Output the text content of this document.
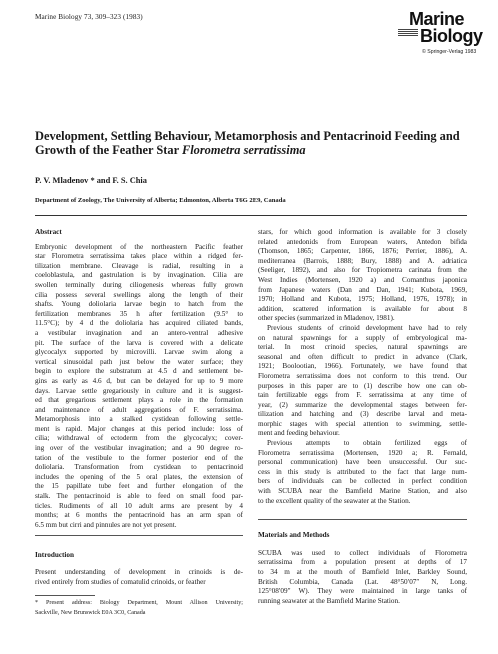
Marine Biology 73, 309–323 (1983)	Marine
Biology
© Springer-Verlag 1983
Development, Settling Behaviour, Metamorphosis and Pentacrinoid Feeding and Growth of the Feather Star Florometra serratissima
P. V. Mladenov * and F. S. Chia
Department of Zoology, The University of Alberta; Edmonton, Alberta T6G 2E9, Canada
Abstract
Embryonic development of the northeastern Pacific feather
star Florometra serratissima takes place within a ridged fer-
tilization membrane. Cleavage is radial, resulting in a
coeloblastula, and gastrulation is by invagination. Cilia are
swollen terminally during ciliogenesis whereas fully grown
cilia possess several swellings along the length of their
shafts. Young doliolaria larvae begin to hatch from the
fertilization membranes 35 h after fertilization (9.5° to
11.5°C); by 4 d the doliolaria has acquired ciliated bands,
a vestibular invagination and an antero-ventral adhesive
pit. The surface of the larva is covered with a delicate
glycocalyx supported by microvilli. Larvae swim along a
vertical sinusoidal path just below the water surface; they
begin to explore the substratum at 4.5 d and settlement be-
gins as early as 4.6 d, but can be delayed for up to 9 more
days. Larvae settle gregariously in culture and it is suggest-
ed that gregarious settlement plays a role in the formation
and maintenance of adult aggregations of F. serratissima.
Metamorphosis into a stalked cystidean following settle-
ment is rapid. Major changes at this period include: loss of
cilia; withdrawal of ectoderm from the glycocalyx; cover-
ing over of the vestibular invagination; and a 90 degree ro-
tation of the vestibule to the former posterior end of the
doliolaria. Transformation from cystidean to pentacrinoid
includes the opening of the 5 oral plates, the extension of
the 15 papillate tube feet and further elongation of the
stalk. The pentacrinoid is able to feed on small food par-
ticles. Rudiments of all 10 adult arms are present by 4
months; at 6 months the pentacrinoid has an arm span of
6.5 mm but cirri and pinnules are not yet present.
Introduction
Present understanding of development in crinoids is de-
rived entirely from studies of comatulid crinoids, or feather
* Present address: Biology Department, Mount Allison University;
Sackville, New Brunswick E0A 3C0, Canada
stars, for which good information is available for 3 closely
related antedonids from European waters, Antedon bifida
(Thomson, 1865; Carpenter, 1866, 1876; Perrier, 1886), A.
mediterranea (Barrois, 1888; Bury, 1888) and A. adriatica
(Seeliger, 1892), and also for Tropiometra carinata from the
West Indies (Mortensen, 1920 a) and Comanthus japonica
from Japanese waters (Dan and Dan, 1941; Kubota, 1969,
1970; Holland and Kubota, 1975; Holland, 1976, 1978); in
addition, scattered information is available for about 8
other species (summarized in Mladenov, 1981).
Previous students of crinoid development have had to rely
on natural spawnings for a supply of embryological ma-
terial. In most crinoid species, natural spawnings are
seasonal and often difficult to predict in advance (Clark,
1921; Boolootian, 1966). Fortunately, we have found that
Florometra serratissima does not conform to this trend. Our
purposes in this paper are to (1) describe how one can ob-
tain fertilizable eggs from F. serratissima at any time of
year, (2) summarize the developmental stages between fer-
tilization and hatching and (3) describe larval and meta-
morphic stages with special attention to swimming, settle-
ment and feeding behaviour.
Previous attempts to obtain fertilized eggs of
Florometra serratissima (Mortensen, 1920 a; R. Fernald,
personal communication) have been unsuccessful. Our suc-
cess in this study is attributed to the fact that large num-
bers of individuals can be collected in perfect condition
with SCUBA near the Bamfield Marine Station, and also
to the excellent quality of the seawater at the Station.
Materials and Methods
SCUBA was used to collect individuals of Florometra
serratissima from a population present at depths of 17
to 34 m at the mouth of Bamfield Inlet, Barkley Sound,
British Columbia, Canada (Lat. 48°50′07″ N, Long.
125°08′09″ W). They were maintained in large tanks of
running seawater at the Bamfield Marine Station.
